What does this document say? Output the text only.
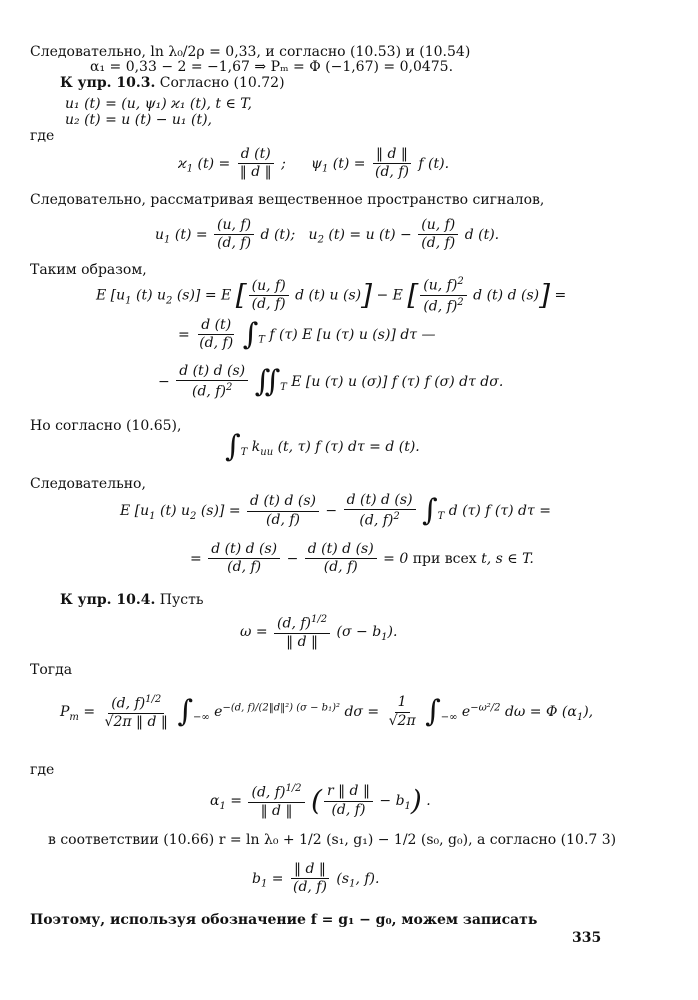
Следовательно, ln λ₀/2ρ = 0,33, и согласно (10.53) и (10.54)
α₁ = 0,33 − 2 = −1,67 ⇒ Pₘ = Φ (−1,67) = 0,0475.
К упр. 10.3. Согласно (10.72)
u₁ (t) = (u, ψ₁) ϰ₁ (t), t ∈ T,
u₂ (t) = u (t) − u₁ (t),
где
$ϰ_1$ $(t) = \frac{d (t)}{‖ d ‖}$ ; $\psi_1$ $(t) = \frac{‖ d ‖}{(d, f)}$ f (t).
Следовательно, рассматривая вещественное пространство сигналов,
$u_1$ $(t) = \frac{(u, f)}{(d, f)}$ d (t);   $u_2$ (t) = u $(t) - \frac{(u, f)}{(d, f)}$ d (t).
Таким образом,
E [$u_1$ (t) $u_2$ (s)] = E [ $\frac{(u, f)}{(d, f)}$ d (t) u (s)] − E [ $\frac{(u, f)^2}{(d, f)^2}$ d (t) d (s)] =
= $\frac{d (t)}{(d, f)} \int_T$ f (τ) E [u (τ) u (s)] dτ —
− $\frac{d (t) d (s)}{(d, f)^2}$ $∬_T$ E [u (τ) u (σ)] f (τ) f (σ) dτ dσ.
Но согласно (10.65),
$\int_T$ $k_{uu}$ (t, τ) f (τ) dτ = d (t).
Следовательно,
E [$u_1$ (t) $u_2$ $(s)] = \frac{d (t) d (s)}{(d, f)} - \frac{d (t) d (s)}{(d, f)^2} \int_T$ d (τ) f (τ) dτ =
= $\frac{d (t) d (s)}{(d, f)} - \frac{d (t) d (s)}{(d, f)} = 0$ при всех t, s ∈ T.
К упр. 10.4. Пусть
$\omega = \frac{(d, f)^{1/2}}{‖ d ‖} (\sigma - b_1)$.
Тогда
$P_m = \frac{(d, f)^{1/2}}{√2\pi ‖ d ‖} \int_{-\infty}$ $e^{-(d, f)/(2‖d‖^2) (\sigma - b_1)^2}$ $d\sigma = \frac{1}{√2\pi} \int_{-\infty}$ $e^{-\omega^2/2}$ dω = Φ $(\alpha_1)$,
где
$\alpha_1 = \frac{(d, f)^{1/2}}{‖ d ‖}$ ( $\frac{r ‖ d ‖}{(d, f)} - b_1$) .
в соответствии (10.66) r = ln λ₀ + 1/2 (s₁, g₁) − 1/2 (s₀, g₀), а согласно (10.7 3)
$b_1 = \frac{‖ d ‖}{(d, f)} (s_1$, f).
Поэтому, используя обозначение f = g₁ − g₀, можем записать
335
